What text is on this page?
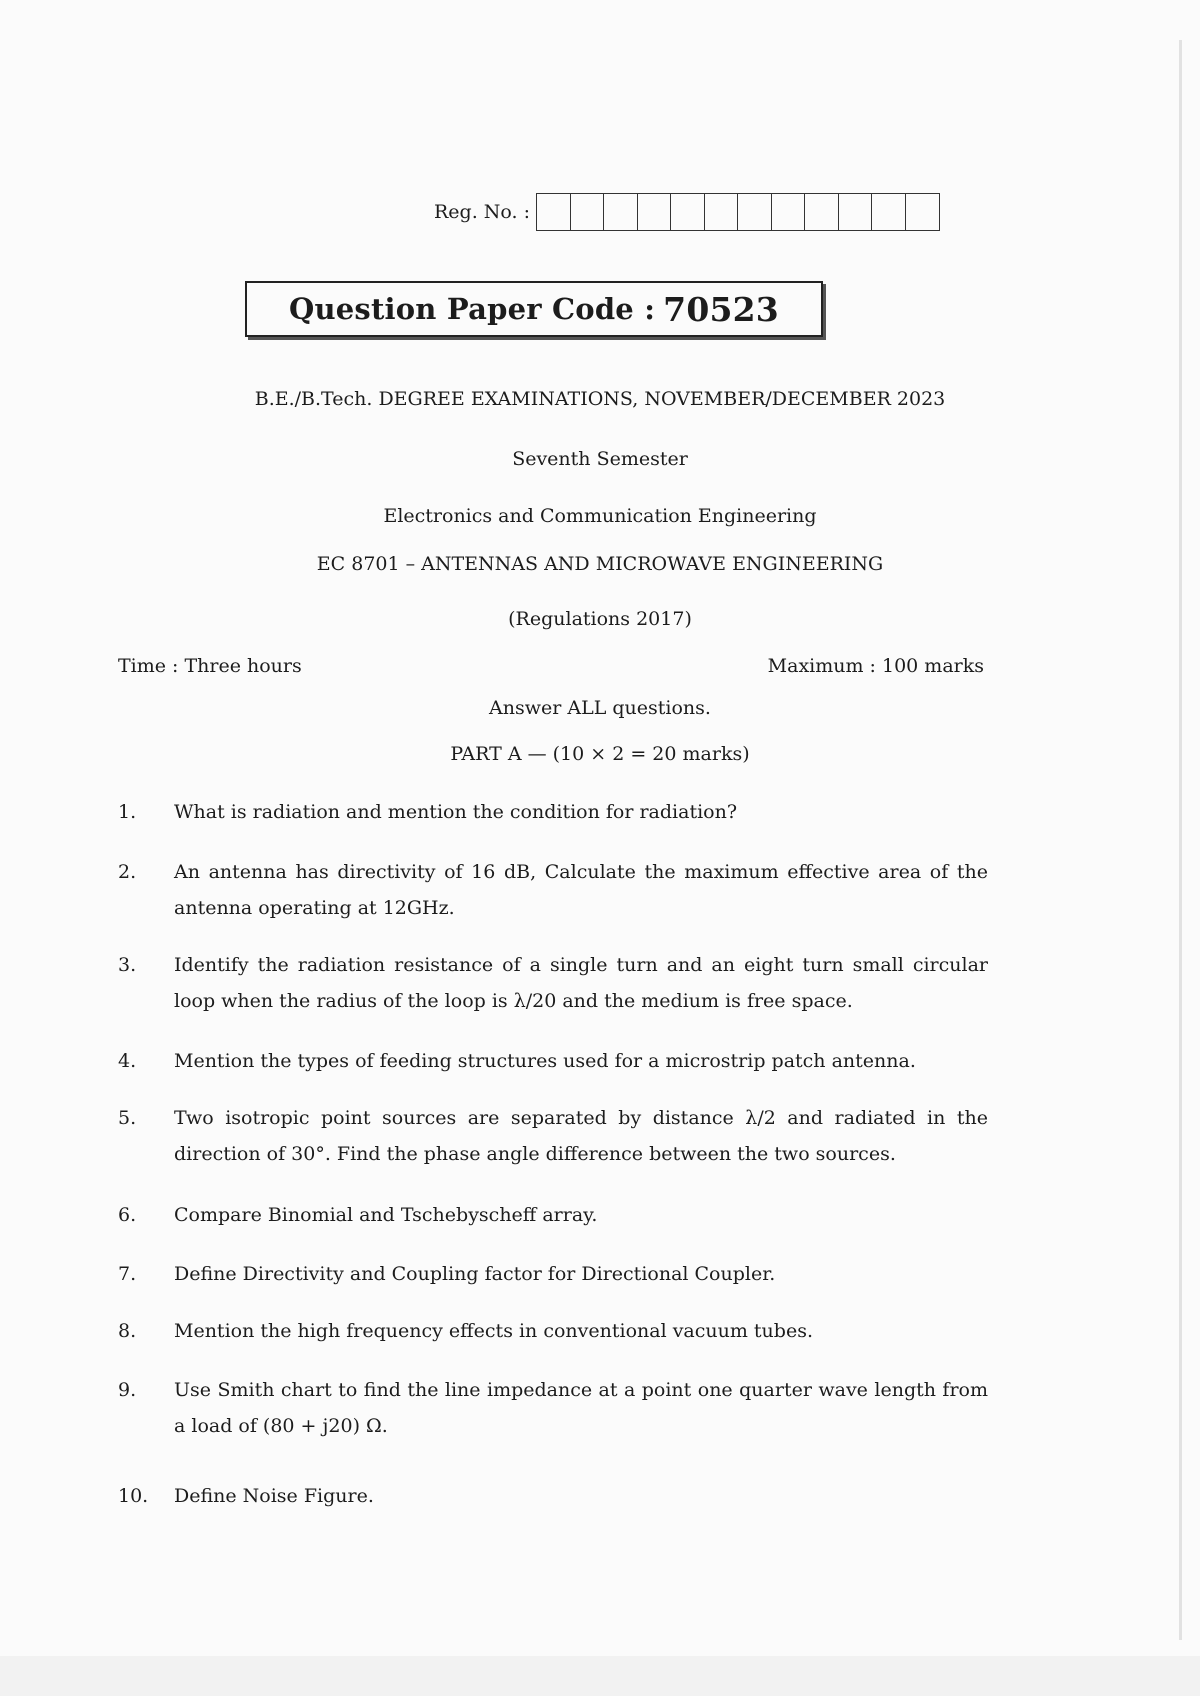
Reg. No. :
Question Paper Code : 70523
B.E./B.Tech. DEGREE EXAMINATIONS, NOVEMBER/DECEMBER 2023
Seventh Semester
Electronics and Communication Engineering
EC 8701 – ANTENNAS AND MICROWAVE ENGINEERING
(Regulations 2017)
Time : Three hours	Maximum : 100 marks
Answer ALL questions.
PART A — (10 × 2 = 20 marks)
1.	What is radiation and mention the condition for radiation?
2.	An antenna has directivity of 16 dB, Calculate the maximum effective area of the antenna operating at 12GHz.
3.	Identify the radiation resistance of a single turn and an eight turn small circular loop when the radius of the loop is λ/20 and the medium is free space.
4.	Mention the types of feeding structures used for a microstrip patch antenna.
5.	Two isotropic point sources are separated by distance λ/2 and radiated in the direction of 30°. Find the phase angle difference between the two sources.
6.	Compare Binomial and Tschebyscheff array.
7.	Define Directivity and Coupling factor for Directional Coupler.
8.	Mention the high frequency effects in conventional vacuum tubes.
9.	Use Smith chart to find the line impedance at a point one quarter wave length from a load of (80 + j20) Ω.
10.	Define Noise Figure.
